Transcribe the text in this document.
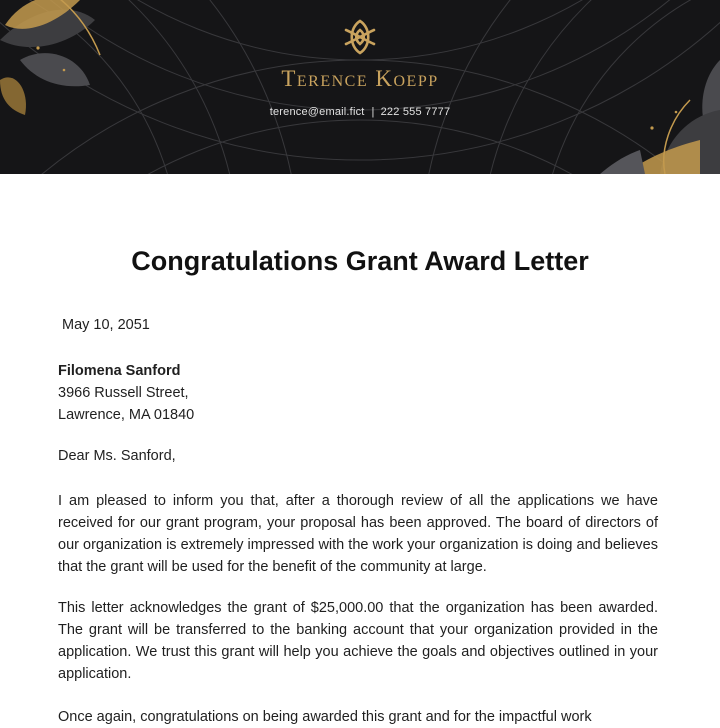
Terence Koepp
terence@email.fict | 222 555 7777
Congratulations Grant Award Letter
May 10, 2051
Filomena Sanford
3966 Russell Street,
Lawrence, MA 01840
Dear Ms. Sanford,

I am pleased to inform you that, after a thorough review of all the applications we have received for our grant program, your proposal has been approved. The board of directors of our organization is extremely impressed with the work your organization is doing and believes that the grant will be used for the benefit of the community at large.

This letter acknowledges the grant of $25,000.00 that the organization has been awarded. The grant will be transferred to the banking account that your organization provided in the application. We trust this grant will help you achieve the goals and objectives outlined in your application.

Once again, congratulations on being awarded this grant and for the impactful work
